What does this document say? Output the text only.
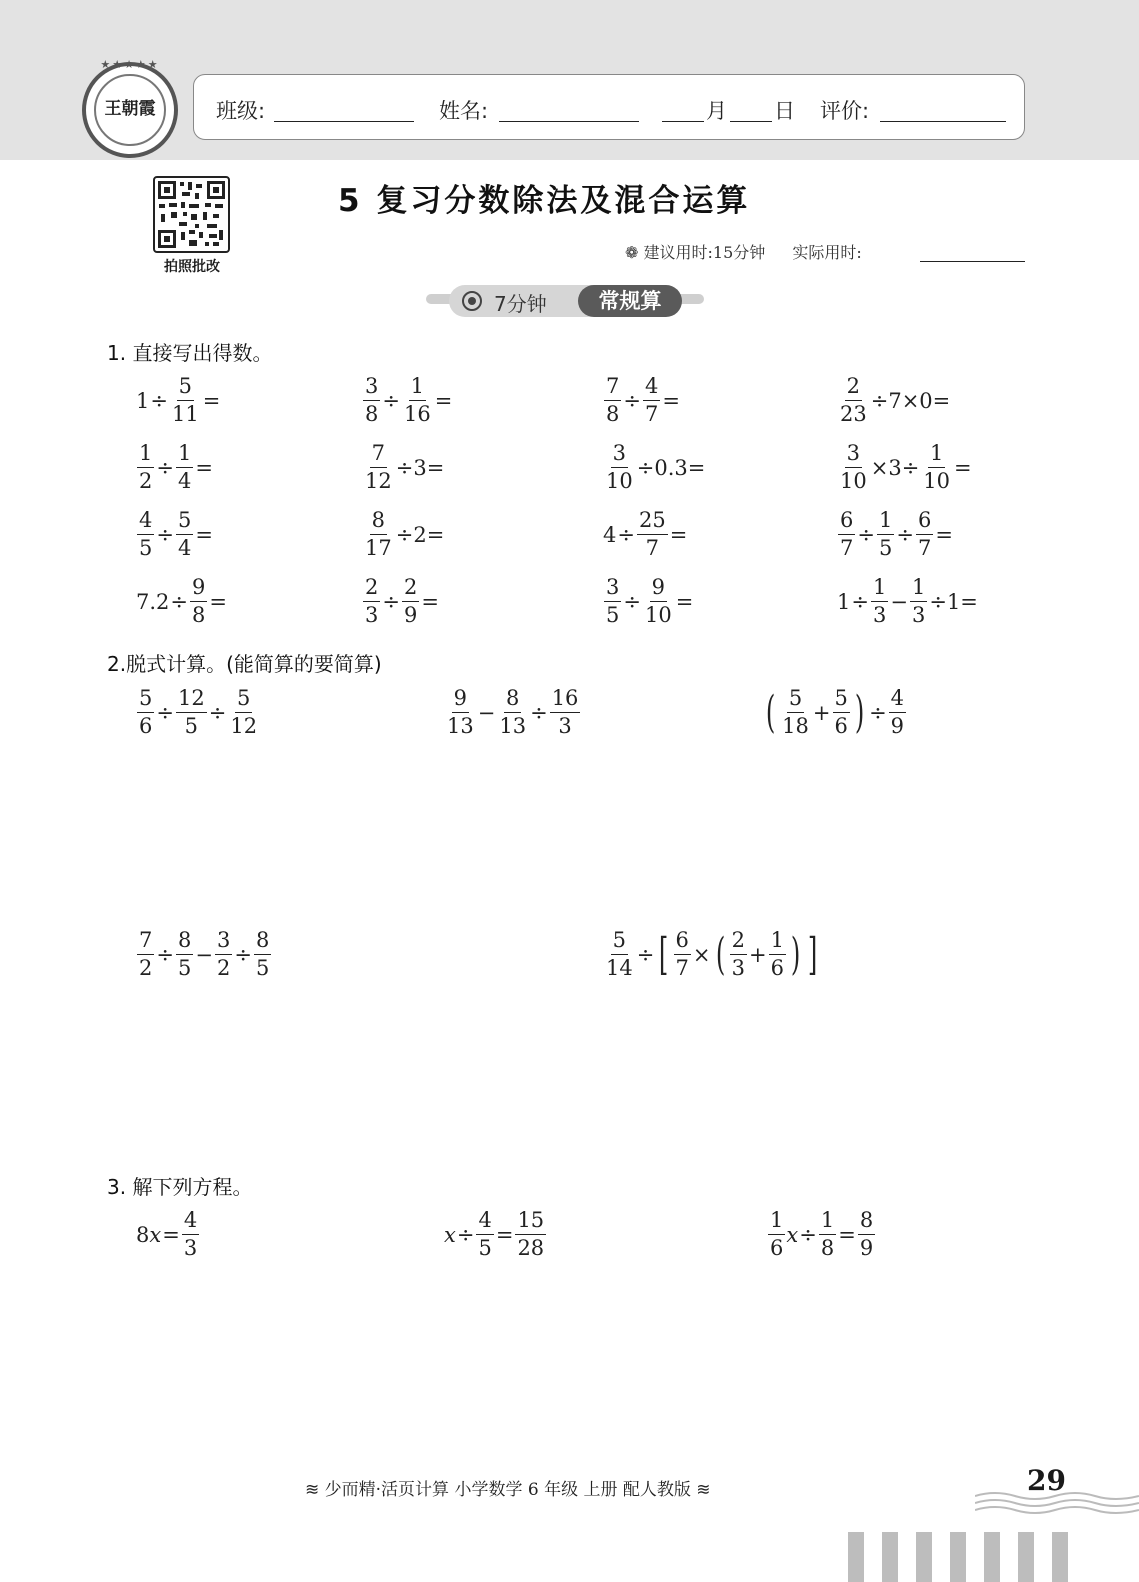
王朝霞
★★★★★
班级:	姓名:	月 日 评价:
拍照批改
5 复习分数除法及混合运算
❁ 建议用时:15分钟 实际用时:
7分钟	常规算
1. 直接写出得数。
$1 \div \frac{5}{11}$ =	$\frac{3}{8} \div \frac{1}{16}$ =	$\frac{7}{8} \div \frac{4}{7}$ =	$\frac{2}{23} \div 7\times 0=$
$\frac{1}{2} \div \frac{1}{4}$ =	$\frac{7}{12} \div 3=$	$\frac{3}{10} \div 0.3=$	$\frac{3}{10} \times 3\div \frac{1}{10}$ =
$\frac{4}{5} \div \frac{5}{4}$ =	$\frac{8}{17} \div 2=$	$4 \div \frac{25}{7}$ =	$\frac{6}{7} \div \frac{1}{5} \div \frac{6}{7}$ =
$7.2 \div \frac{9}{8}$ =	$\frac{2}{3} \div \frac{2}{9}$ =	$\frac{3}{5} \div \frac{9}{10}$ =	$1 \div \frac{1}{3} - \frac{1}{3} \div 1=$
2.脱式计算。(能简算的要简算)
$\frac{5}{6} \div \frac{12}{5} \div \frac{5}{12}$	$\frac{9}{13} - \frac{8}{13} \div \frac{16}{3}$	( $\frac{5}{18} + \frac{5}{6}$ ) ÷ $\frac{4}{9}$
$\frac{7}{2} \div \frac{8}{5} - \frac{3}{2} \div \frac{8}{5}$	$\frac{5}{14}$ ÷ [ $\frac{6}{7}$ × ( $\frac{2}{3} + \frac{1}{6}$ ) ]
3. 解下列方程。
8 $x = \frac{4}{3}$	$x \div \frac{4}{5} = \frac{15}{28}$	$\frac{1}{6}$ $x \div \frac{1}{8} = \frac{8}{9}$
≋ 少而精·活页计算 小学数学 6 年级 上册 配人教版 ≋	29
